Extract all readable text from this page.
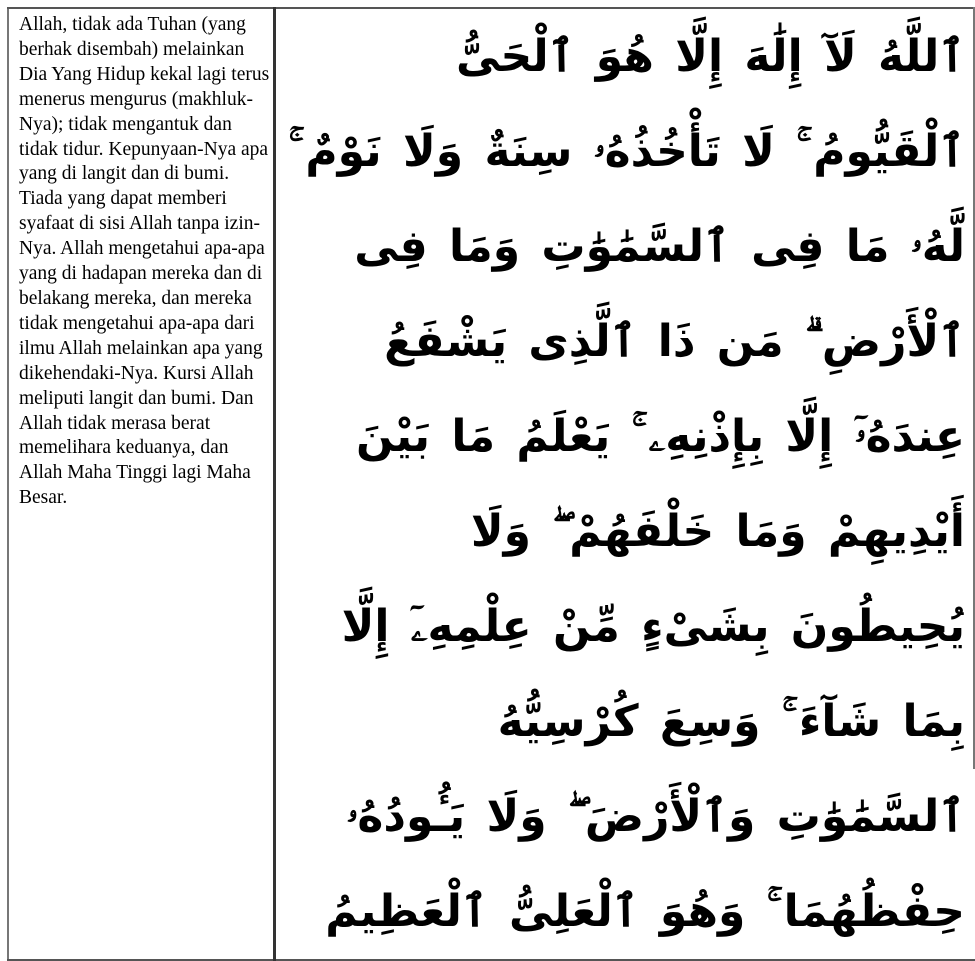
Allah, tidak ada Tuhan (yang berhak disembah) melainkan Dia Yang Hidup kekal lagi terus menerus mengurus (makhluk-Nya); tidak mengantuk dan tidak tidur. Kepunyaan-Nya apa yang di langit dan di bumi. Tiada yang dapat memberi syafaat di sisi Allah tanpa izin-Nya. Allah mengetahui apa-apa yang di hadapan mereka dan di belakang mereka, dan mereka tidak mengetahui apa-apa dari ilmu Allah melainkan apa yang dikehendaki-Nya. Kursi Allah meliputi langit dan bumi. Dan Allah tidak merasa berat memelihara keduanya, dan Allah Maha Tinggi lagi Maha Besar.

ٱللَّهُ لَآ إِلَٰهَ إِلَّا هُوَ ٱلْحَىُّ ٱلْقَيُّومُ ۚ لَا تَأْخُذُهُۥ سِنَةٌ وَلَا نَوْمٌ ۚ لَّهُۥ مَا فِى ٱلسَّمَٰوَٰتِ وَمَا فِى ٱلْأَرْضِ ۗ مَن ذَا ٱلَّذِى يَشْفَعُ عِندَهُۥٓ إِلَّا بِإِذْنِهِۦ ۚ يَعْلَمُ مَا بَيْنَ أَيْدِيهِمْ وَمَا خَلْفَهُمْ ۖ وَلَا يُحِيطُونَ بِشَىْءٍ مِّنْ عِلْمِهِۦٓ إِلَّا بِمَا شَآءَ ۚ وَسِعَ كُرْسِيُّهُ ٱلسَّمَٰوَٰتِ وَٱلْأَرْضَ ۖ وَلَا يَـُٔودُهُۥ حِفْظُهُمَا ۚ وَهُوَ ٱلْعَلِىُّ ٱلْعَظِيمُ
